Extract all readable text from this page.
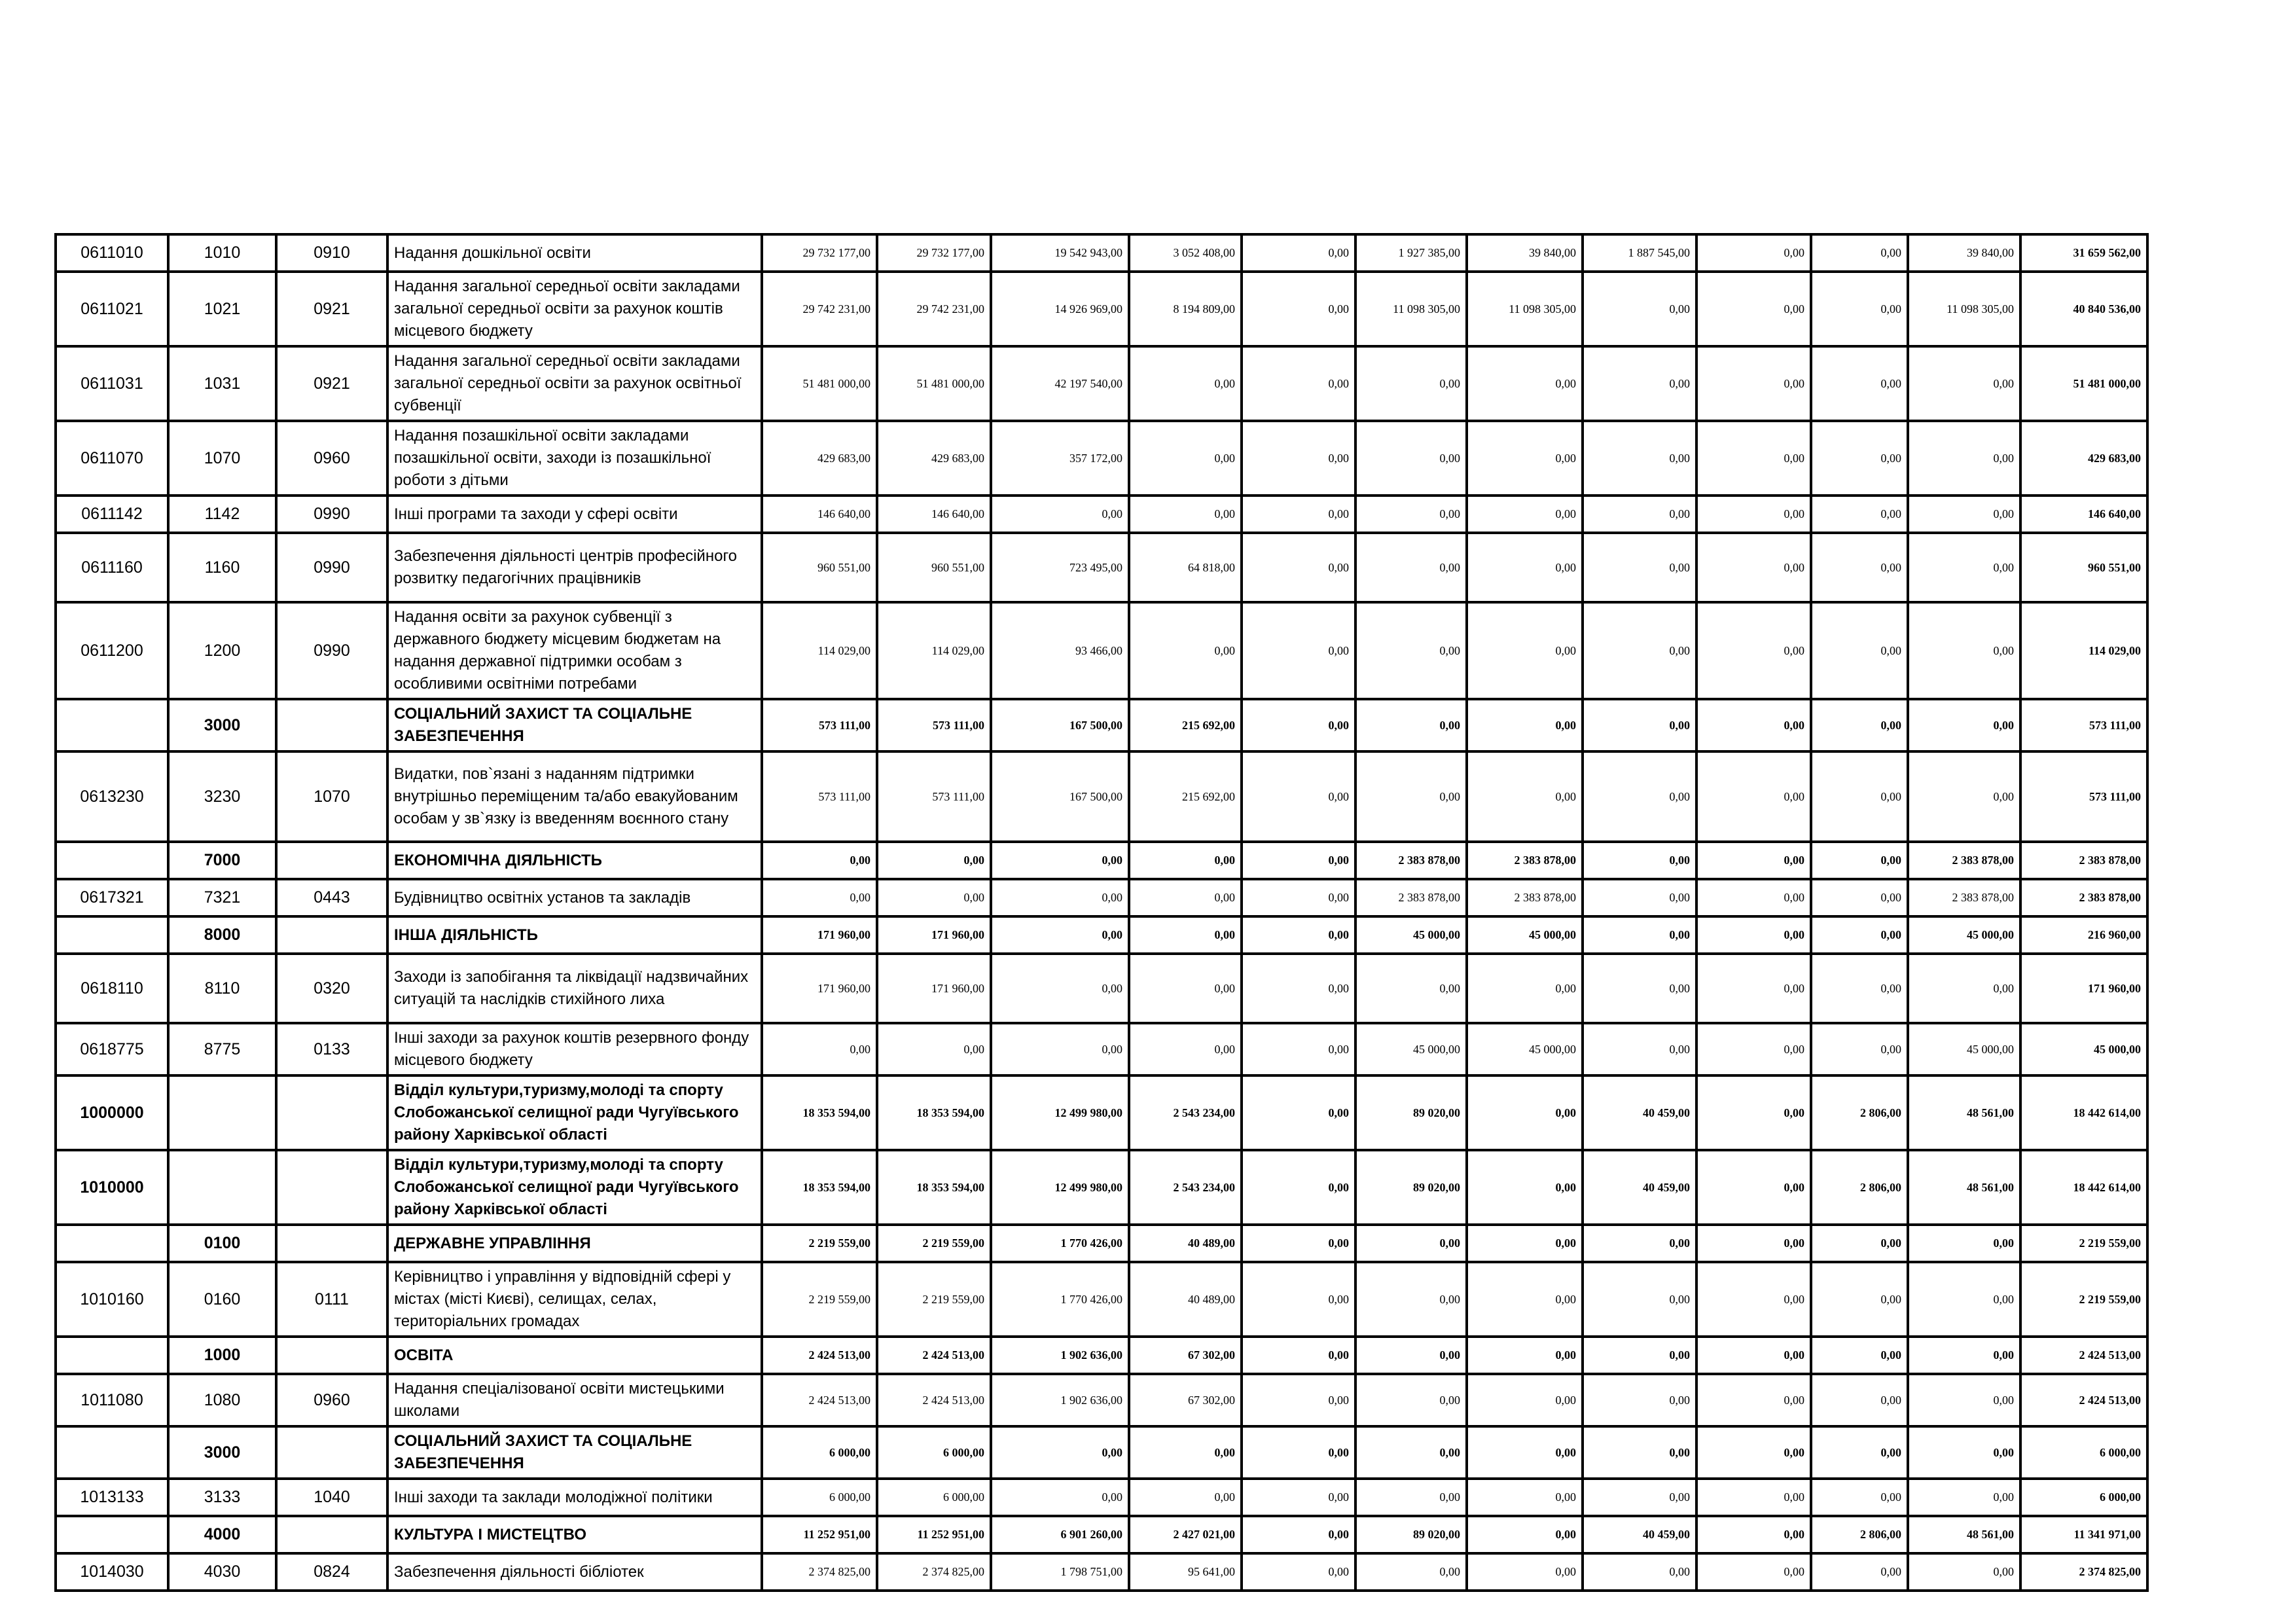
0611010	1010	0910	Надання дошкільної освіти	29 732 177,00	29 732 177,00	19 542 943,00	3 052 408,00	0,00	1 927 385,00	39 840,00	1 887 545,00	0,00	0,00	39 840,00	31 659 562,00
0611021	1021	0921	Надання загальної середньої освіти закладами загальної середньої освіти за рахунок коштів місцевого бюджету	29 742 231,00	29 742 231,00	14 926 969,00	8 194 809,00	0,00	11 098 305,00	11 098 305,00	0,00	0,00	0,00	11 098 305,00	40 840 536,00
0611031	1031	0921	Надання загальної середньої освіти закладами загальної середньої освіти за рахунок освітньої субвенції	51 481 000,00	51 481 000,00	42 197 540,00	0,00	0,00	0,00	0,00	0,00	0,00	0,00	0,00	51 481 000,00
0611070	1070	0960	Надання позашкільної освіти закладами позашкільної освіти, заходи із позашкільної роботи з дітьми	429 683,00	429 683,00	357 172,00	0,00	0,00	0,00	0,00	0,00	0,00	0,00	0,00	429 683,00
0611142	1142	0990	Інші програми та заходи у сфері освіти	146 640,00	146 640,00	0,00	0,00	0,00	0,00	0,00	0,00	0,00	0,00	0,00	146 640,00
0611160	1160	0990	Забезпечення діяльності центрів професійного розвитку педагогічних працівників	960 551,00	960 551,00	723 495,00	64 818,00	0,00	0,00	0,00	0,00	0,00	0,00	0,00	960 551,00
0611200	1200	0990	Надання освіти за рахунок субвенції з державного бюджету місцевим бюджетам на надання державної підтримки особам з особливими освітніми потребами	114 029,00	114 029,00	93 466,00	0,00	0,00	0,00	0,00	0,00	0,00	0,00	0,00	114 029,00
	3000		СОЦІАЛЬНИЙ ЗАХИСТ ТА СОЦІАЛЬНЕ ЗАБЕЗПЕЧЕННЯ	573 111,00	573 111,00	167 500,00	215 692,00	0,00	0,00	0,00	0,00	0,00	0,00	0,00	573 111,00
0613230	3230	1070	Видатки, пов`язані з наданням підтримки внутрішньо переміщеним та/або евакуйованим особам у зв`язку із введенням воєнного стану	573 111,00	573 111,00	167 500,00	215 692,00	0,00	0,00	0,00	0,00	0,00	0,00	0,00	573 111,00
	7000		ЕКОНОМІЧНА ДІЯЛЬНІСТЬ	0,00	0,00	0,00	0,00	0,00	2 383 878,00	2 383 878,00	0,00	0,00	0,00	2 383 878,00	2 383 878,00
0617321	7321	0443	Будівництво освітніх установ та закладів	0,00	0,00	0,00	0,00	0,00	2 383 878,00	2 383 878,00	0,00	0,00	0,00	2 383 878,00	2 383 878,00
	8000		ІНША ДІЯЛЬНІСТЬ	171 960,00	171 960,00	0,00	0,00	0,00	45 000,00	45 000,00	0,00	0,00	0,00	45 000,00	216 960,00
0618110	8110	0320	Заходи із запобігання та ліквідації надзвичайних ситуацій та наслідків стихійного лиха	171 960,00	171 960,00	0,00	0,00	0,00	0,00	0,00	0,00	0,00	0,00	0,00	171 960,00
0618775	8775	0133	Інші заходи за рахунок коштів резервного фонду місцевого бюджету	0,00	0,00	0,00	0,00	0,00	45 000,00	45 000,00	0,00	0,00	0,00	45 000,00	45 000,00
1000000			Відділ культури,туризму,молоді та спорту Слобожанської селищної ради Чугуївського району Харківської області	18 353 594,00	18 353 594,00	12 499 980,00	2 543 234,00	0,00	89 020,00	0,00	40 459,00	0,00	2 806,00	48 561,00	18 442 614,00
1010000			Відділ культури,туризму,молоді та спорту Слобожанської селищної ради Чугуївського району Харківської області	18 353 594,00	18 353 594,00	12 499 980,00	2 543 234,00	0,00	89 020,00	0,00	40 459,00	0,00	2 806,00	48 561,00	18 442 614,00
	0100		ДЕРЖАВНЕ УПРАВЛІННЯ	2 219 559,00	2 219 559,00	1 770 426,00	40 489,00	0,00	0,00	0,00	0,00	0,00	0,00	0,00	2 219 559,00
1010160	0160	0111	Керівництво і управління у відповідній сфері у містах (місті Києві), селищах, селах, територіальних громадах	2 219 559,00	2 219 559,00	1 770 426,00	40 489,00	0,00	0,00	0,00	0,00	0,00	0,00	0,00	2 219 559,00
	1000		ОСВІТА	2 424 513,00	2 424 513,00	1 902 636,00	67 302,00	0,00	0,00	0,00	0,00	0,00	0,00	0,00	2 424 513,00
1011080	1080	0960	Надання спеціалізованої освіти мистецькими школами	2 424 513,00	2 424 513,00	1 902 636,00	67 302,00	0,00	0,00	0,00	0,00	0,00	0,00	0,00	2 424 513,00
	3000		СОЦІАЛЬНИЙ ЗАХИСТ ТА СОЦІАЛЬНЕ ЗАБЕЗПЕЧЕННЯ	6 000,00	6 000,00	0,00	0,00	0,00	0,00	0,00	0,00	0,00	0,00	0,00	6 000,00
1013133	3133	1040	Інші заходи та заклади молодіжної політики	6 000,00	6 000,00	0,00	0,00	0,00	0,00	0,00	0,00	0,00	0,00	0,00	6 000,00
	4000		КУЛЬТУРА І МИСТЕЦТВО	11 252 951,00	11 252 951,00	6 901 260,00	2 427 021,00	0,00	89 020,00	0,00	40 459,00	0,00	2 806,00	48 561,00	11 341 971,00
1014030	4030	0824	Забезпечення діяльності бібліотек	2 374 825,00	2 374 825,00	1 798 751,00	95 641,00	0,00	0,00	0,00	0,00	0,00	0,00	0,00	2 374 825,00
